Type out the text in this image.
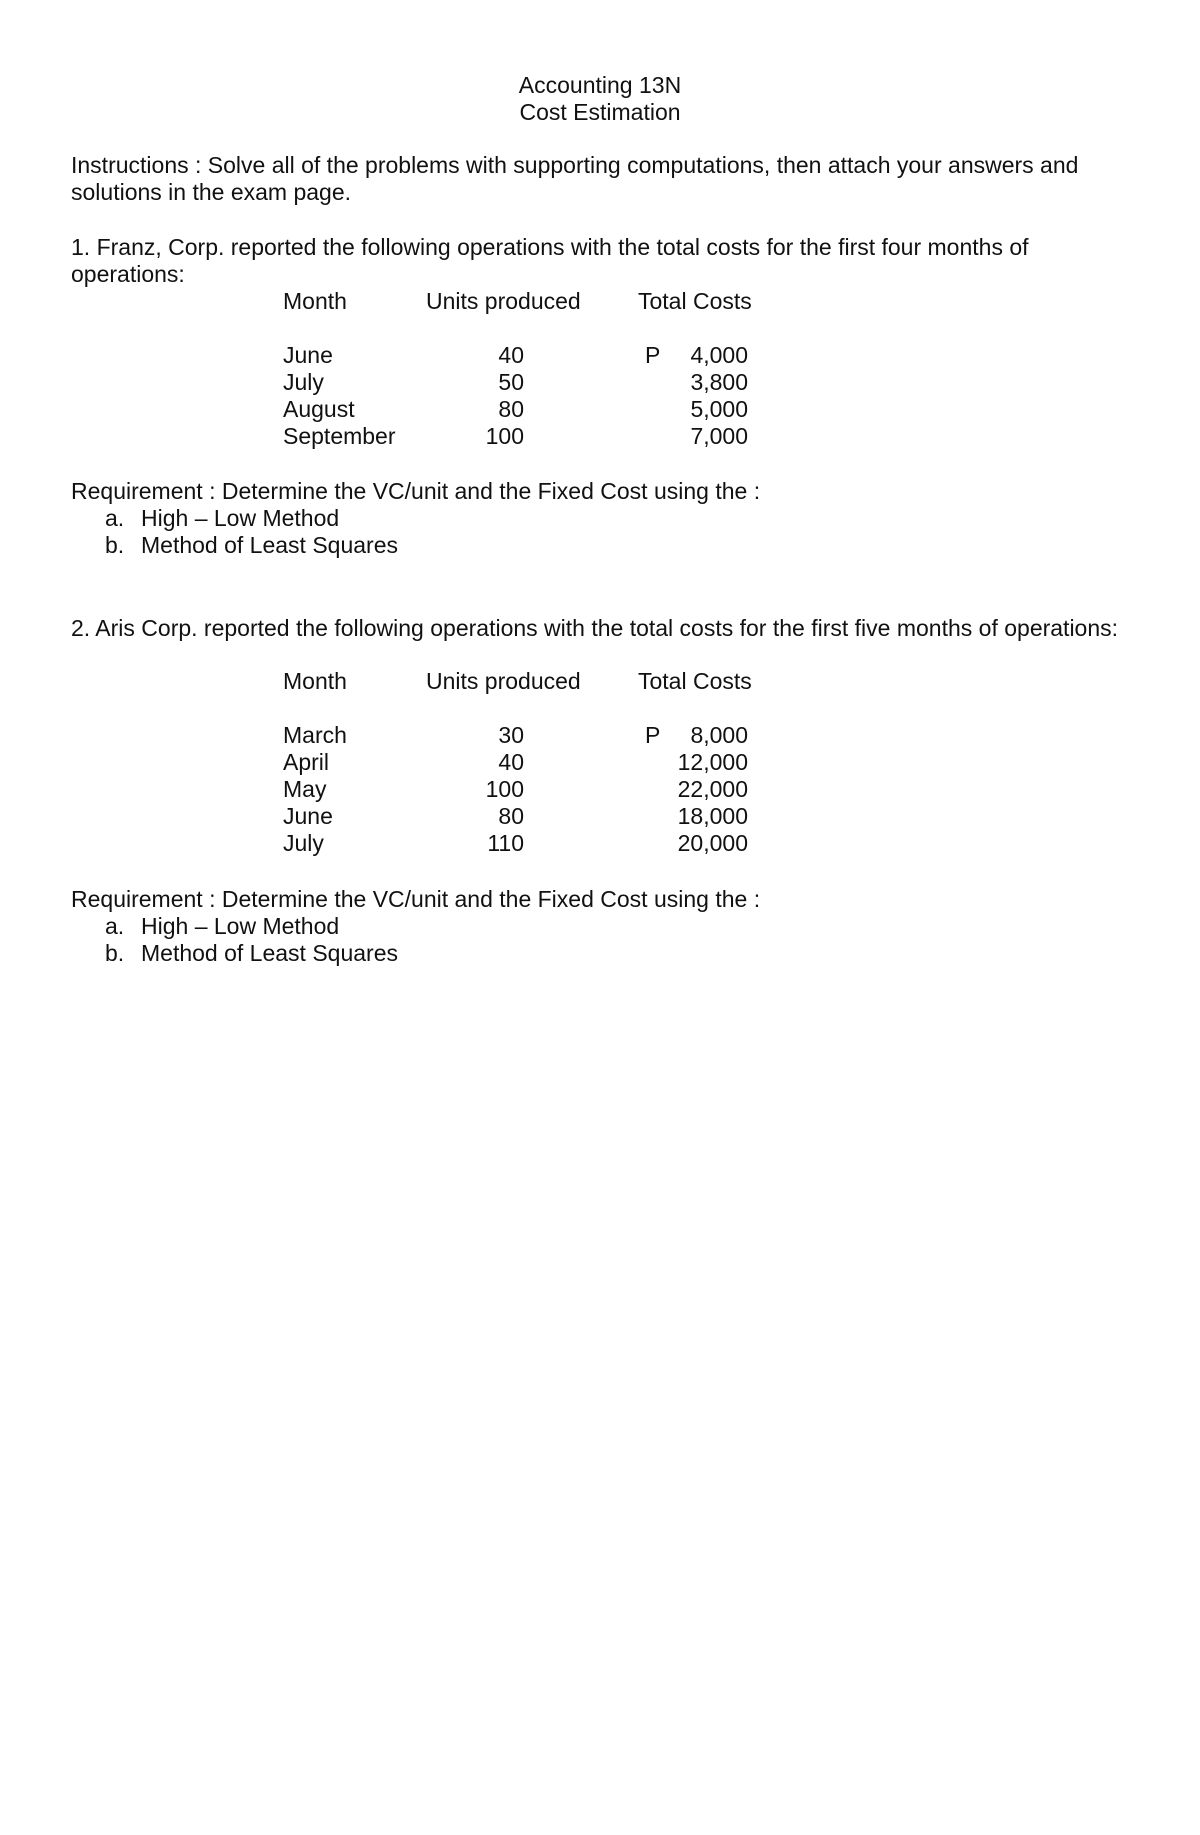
Accounting 13N
Cost Estimation
Instructions : Solve all of the problems with supporting computations, then attach your answers and solutions in the exam page.
1. Franz, Corp. reported the following operations with the total costs for the first four months of operations:
Month	Units produced Total Costs
June	40	P	4,000
July	50	3,800
August	80	5,000
September	100	7,000
Requirement : Determine the VC/unit and the Fixed Cost using the :
a. High – Low Method
b. Method of Least Squares
2. Aris Corp. reported the following operations with the total costs for the first five months of operations:
Month	Units produced Total Costs
March	30	P	8,000
April	40	12,000
May	100	22,000
June	80	18,000
July	110	20,000
Requirement : Determine the VC/unit and the Fixed Cost using the :
a. High – Low Method
b. Method of Least Squares
